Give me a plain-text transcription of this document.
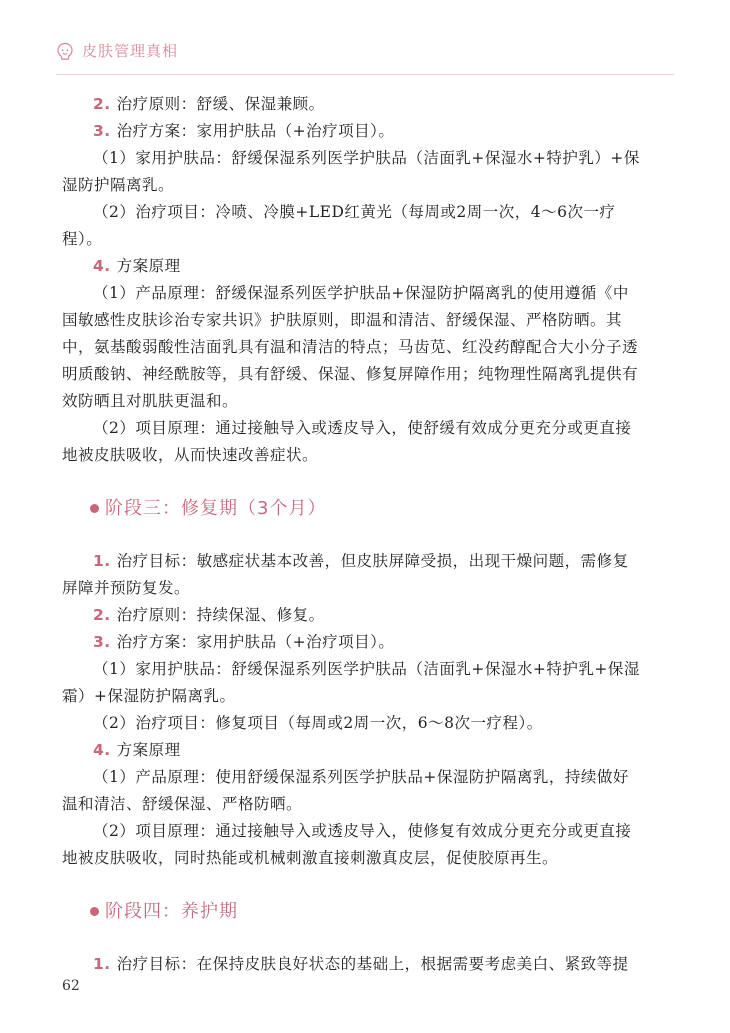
皮肤管理真相

2. 治疗原则：舒缓、保湿兼顾。

3. 治疗方案：家用护肤品（+治疗项目）。

（1）家用护肤品：舒缓保湿系列医学护肤品（洁面乳+保湿水+特护乳）+保湿防护隔离乳。

（2）治疗项目：冷喷、冷膜+LED红黄光（每周或2周一次，4～6次一疗程）。

4. 方案原理

（1）产品原理：舒缓保湿系列医学护肤品+保湿防护隔离乳的使用遵循《中国敏感性皮肤诊治专家共识》护肤原则，即温和清洁、舒缓保湿、严格防晒。其中，氨基酸弱酸性洁面乳具有温和清洁的特点；马齿苋、红没药醇配合大小分子透明质酸钠、神经酰胺等，具有舒缓、保湿、修复屏障作用；纯物理性隔离乳提供有效防晒且对肌肤更温和。

（2）项目原理：通过接触导入或透皮导入，使舒缓有效成分更充分或更直接地被皮肤吸收，从而快速改善症状。

阶段三：修复期（3个月）

1. 治疗目标：敏感症状基本改善，但皮肤屏障受损，出现干燥问题，需修复屏障并预防复发。

2. 治疗原则：持续保湿、修复。

3. 治疗方案：家用护肤品（+治疗项目）。

（1）家用护肤品：舒缓保湿系列医学护肤品（洁面乳+保湿水+特护乳+保湿霜）+保湿防护隔离乳。

（2）治疗项目：修复项目（每周或2周一次，6～8次一疗程）。

4. 方案原理

（1）产品原理：使用舒缓保湿系列医学护肤品+保湿防护隔离乳，持续做好温和清洁、舒缓保湿、严格防晒。

（2）项目原理：通过接触导入或透皮导入，使修复有效成分更充分或更直接地被皮肤吸收，同时热能或机械刺激直接刺激真皮层，促使胶原再生。

阶段四：养护期

1. 治疗目标：在保持皮肤良好状态的基础上，根据需要考虑美白、紧致等提

62
